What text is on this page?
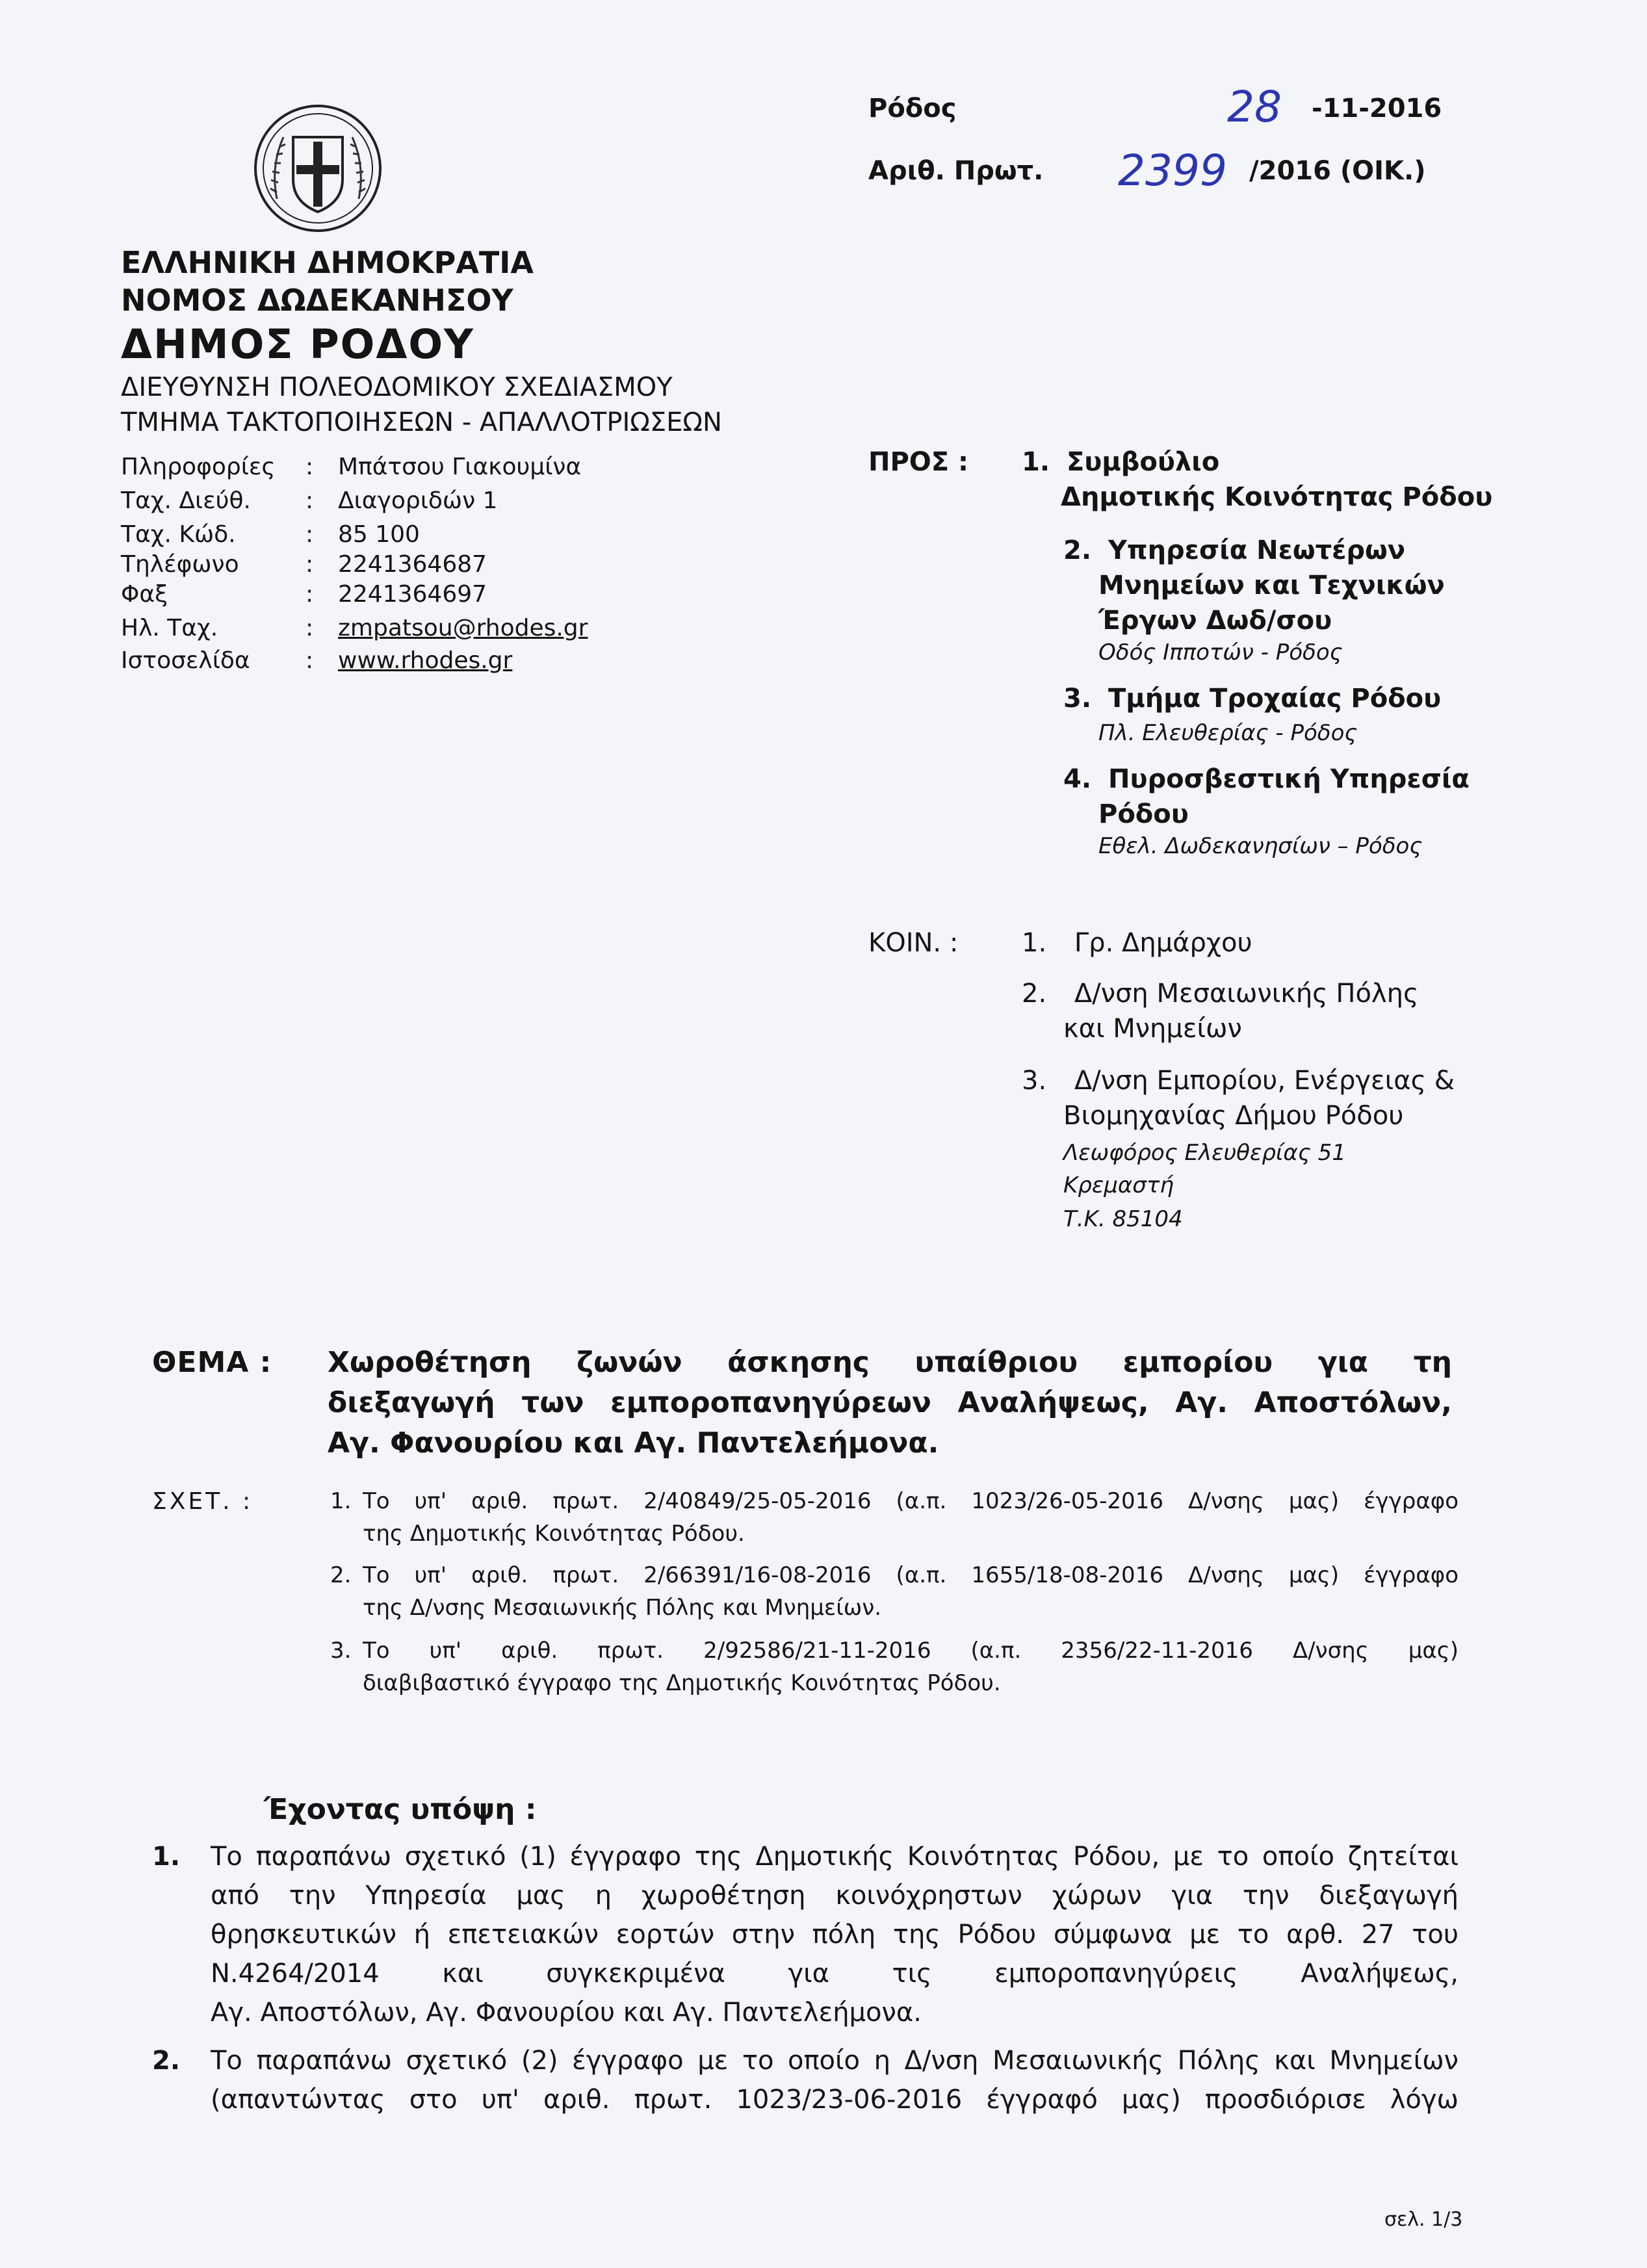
Ρόδος	28 -11-2016
Αριθ. Πρωτ. 2399 /2016 (ΟΙΚ.)
ΕΛΛΗΝΙΚΗ ΔΗΜΟΚΡΑΤΙΑ
ΝΟΜΟΣ ΔΩΔΕΚΑΝΗΣΟΥ
ΔΗΜΟΣ ΡΟΔΟΥ
ΔΙΕΥΘΥΝΣΗ ΠΟΛΕΟΔΟΜΙΚΟΥ ΣΧΕΔΙΑΣΜΟΥ
ΤΜΗΜΑ ΤΑΚΤΟΠΟΙΗΣΕΩΝ - ΑΠΑΛΛΟΤΡΙΩΣΕΩΝ
Πληροφορίες	:	Μπάτσου Γιακουμίνα
Ταχ. Διεύθ.	:	Διαγοριδών 1
Ταχ. Κώδ.	:	85 100
Τηλέφωνο	:	2241364687
Φαξ	:	2241364697
Ηλ. Ταχ.	:	zmpatsou@rhodes.gr
Ιστοσελίδα	:	www.rhodes.gr
ΠΡΟΣ : 1. Συμβούλιο
Δημοτικής Κοινότητας Ρόδου
2. Υπηρεσία Νεωτέρων
Μνημείων και Τεχνικών
Έργων Δωδ/σου
Οδός Ιπποτών - Ρόδος
3. Τμήμα Τροχαίας Ρόδου
Πλ. Ελευθερίας - Ρόδος
4. Πυροσβεστική Υπηρεσία
Ρόδου
Εθελ. Δωδεκανησίων – Ρόδος
ΚΟΙΝ. : 1. Γρ. Δημάρχου
2. Δ/νση Μεσαιωνικής Πόλης
και Μνημείων
3. Δ/νση Εμπορίου, Ενέργειας &
Βιομηχανίας Δήμου Ρόδου
Λεωφόρος Ελευθερίας 51
Κρεμαστή
Τ.Κ. 85104
ΘΕΜΑ : Χωροθέτηση ζωνών άσκησης υπαίθριου εμπορίου για τη
διεξαγωγή των εμποροπανηγύρεων Αναλήψεως, Αγ. Αποστόλων,
Αγ. Φανουρίου και Αγ. Παντελεήμονα.
ΣΧΕΤ. :	1. Το υπ' αριθ. πρωτ. 2/40849/25-05-2016 (α.π. 1023/26-05-2016 Δ/νσης μας) έγγραφο
της Δημοτικής Κοινότητας Ρόδου.
2. Το υπ' αριθ. πρωτ. 2/66391/16-08-2016 (α.π. 1655/18-08-2016 Δ/νσης μας) έγγραφο
της Δ/νσης Μεσαιωνικής Πόλης και Μνημείων.
3. Το υπ' αριθ. πρωτ. 2/92586/21-11-2016 (α.π. 2356/22-11-2016 Δ/νσης μας)
διαβιβαστικό έγγραφο της Δημοτικής Κοινότητας Ρόδου.
Έχοντας υπόψη :
1. Το παραπάνω σχετικό (1) έγγραφο της Δημοτικής Κοινότητας Ρόδου, με το οποίο ζητείται
από την Υπηρεσία μας η χωροθέτηση κοινόχρηστων χώρων για την διεξαγωγή
θρησκευτικών ή επετειακών εορτών στην πόλη της Ρόδου σύμφωνα με το αρθ. 27 του
Ν.4264/2014 και συγκεκριμένα για τις εμποροπανηγύρεις Αναλήψεως,
Αγ. Αποστόλων, Αγ. Φανουρίου και Αγ. Παντελεήμονα.
2. Το παραπάνω σχετικό (2) έγγραφο με το οποίο η Δ/νση Μεσαιωνικής Πόλης και Μνημείων
(απαντώντας στο υπ' αριθ. πρωτ. 1023/23-06-2016 έγγραφό μας) προσδιόρισε λόγω
σελ. 1/3
